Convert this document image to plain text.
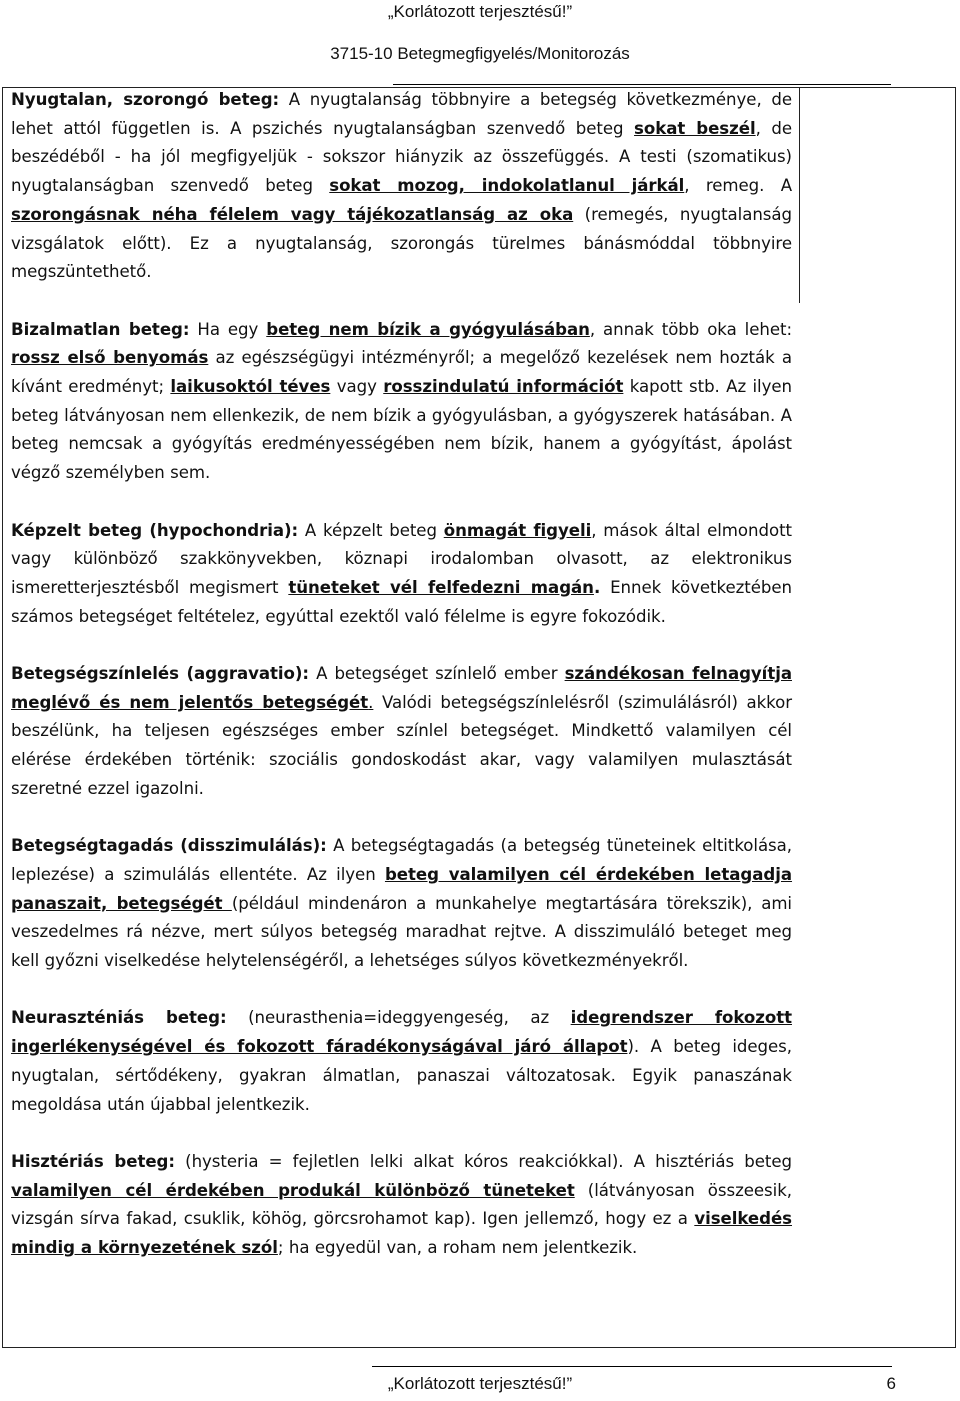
„Korlátozott terjesztésű!”
3715-10 Betegmegfigyelés/Monitorozás

Nyugtalan, szorongó beteg: A nyugtalanság többnyire a betegség következménye, de lehet attól független is. A pszichés nyugtalanságban szenvedő beteg sokat beszél, de beszédéből - ha jól megfigyeljük - sokszor hiányzik az összefüggés. A testi (szomatikus) nyugtalanságban szenvedő beteg sokat mozog, indokolatlanul járkál, remeg. A szorongásnak néha félelem vagy tájékozatlanság az oka (remegés, nyugtalanság vizsgálatok előtt). Ez a nyugtalanság, szorongás türelmes bánásmóddal többnyire megszüntethető.

Bizalmatlan beteg: Ha egy beteg nem bízik a gyógyulásában, annak több oka lehet: rossz első benyomás az egészségügyi intézményről; a megelőző kezelések nem hozták a kívánt eredményt; laikusoktól téves vagy rosszindulatú információt kapott stb. Az ilyen beteg látványosan nem ellenkezik, de nem bízik a gyógyulásban, a gyógyszerek hatásában. A beteg nemcsak a gyógyítás eredményességében nem bízik, hanem a gyógyítást, ápolást végző személyben sem.

Képzelt beteg (hypochondria): A képzelt beteg önmagát figyeli, mások által elmondott vagy különböző szakkönyvekben, köznapi irodalomban olvasott, az elektronikus ismeretterjesztésből megismert tüneteket vél felfedezni magán. Ennek következtében számos betegséget feltételez, egyúttal ezektől való félelme is egyre fokozódik.

Betegségszínlelés (aggravatio): A betegséget színlelő ember szándékosan felnagyítja meglévő és nem jelentős betegségét. Valódi betegségszínlelésről (szimulálásról) akkor beszélünk, ha teljesen egészséges ember színlel betegséget. Mindkettő valamilyen cél elérése érdekében történik: szociális gondoskodást akar, vagy valamilyen mulasztását szeretné ezzel igazolni.

Betegségtagadás (disszimulálás): A betegségtagadás (a betegség tüneteinek eltitkolása, leplezése) a szimulálás ellentéte. Az ilyen beteg valamilyen cél érdekében letagadja panaszait, betegségét (például mindenáron a munkahelye megtartására törekszik), ami veszedelmes rá nézve, mert súlyos betegség maradhat rejtve. A disszimuláló beteget meg kell győzni viselkedése helytelenségéről, a lehetséges súlyos következményekről.

Neuraszténiás beteg: (neurasthenia=ideggyengeség, az idegrendszer fokozott ingerlékenységével és fokozott fáradékonyságával járó állapot). A beteg ideges, nyugtalan, sértődékeny, gyakran álmatlan, panaszai változatosak. Egyik panaszának megoldása után újabbal jelentkezik.

Hisztériás beteg: (hysteria = fejletlen lelki alkat kóros reakciókkal). A hisztériás beteg valamilyen cél érdekében produkál különböző tüneteket (látványosan összeesik, vizsgán sírva fakad, csuklik, köhög, görcsrohamot kap). Igen jellemző, hogy ez a viselkedés mindig a környezetének szól; ha egyedül van, a roham nem jelentkezik.

„Korlátozott terjesztésű!”	6
